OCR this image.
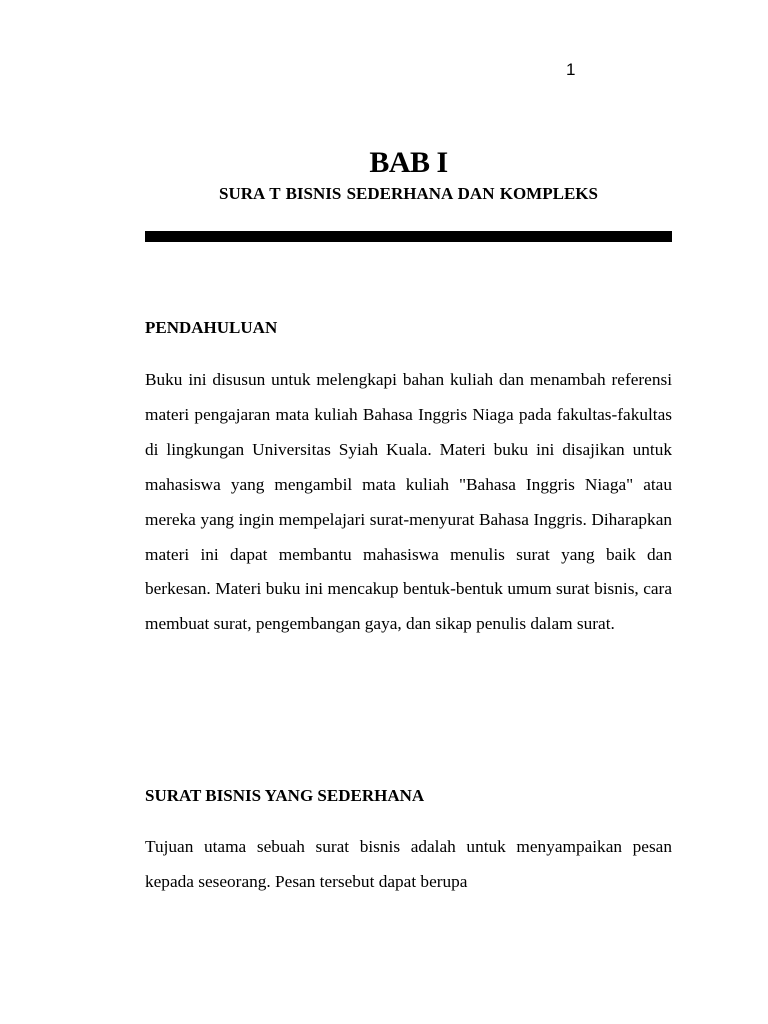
1
BAB I
SURA T BISNIS SEDERHANA DAN KOMPLEKS
PENDAHULUAN

Buku ini disusun untuk melengkapi bahan kuliah dan menambah referensi materi pengajaran mata kuliah Bahasa Inggris Niaga pada fakultas-fakultas di lingkungan Universitas Syiah Kuala. Materi buku ini disajikan untuk mahasiswa yang mengambil mata kuliah "Bahasa Inggris Niaga" atau mereka yang ingin mempelajari surat-menyurat Bahasa Inggris. Diharapkan materi ini dapat membantu mahasiswa menulis surat yang baik dan berkesan. Materi buku ini mencakup bentuk-bentuk umum surat bisnis, cara membuat surat, pengembangan gaya, dan sikap penulis dalam surat.

SURAT BISNIS YANG SEDERHANA

Tujuan utama sebuah surat bisnis adalah untuk menyampaikan pesan kepada seseorang. Pesan tersebut dapat berupa
